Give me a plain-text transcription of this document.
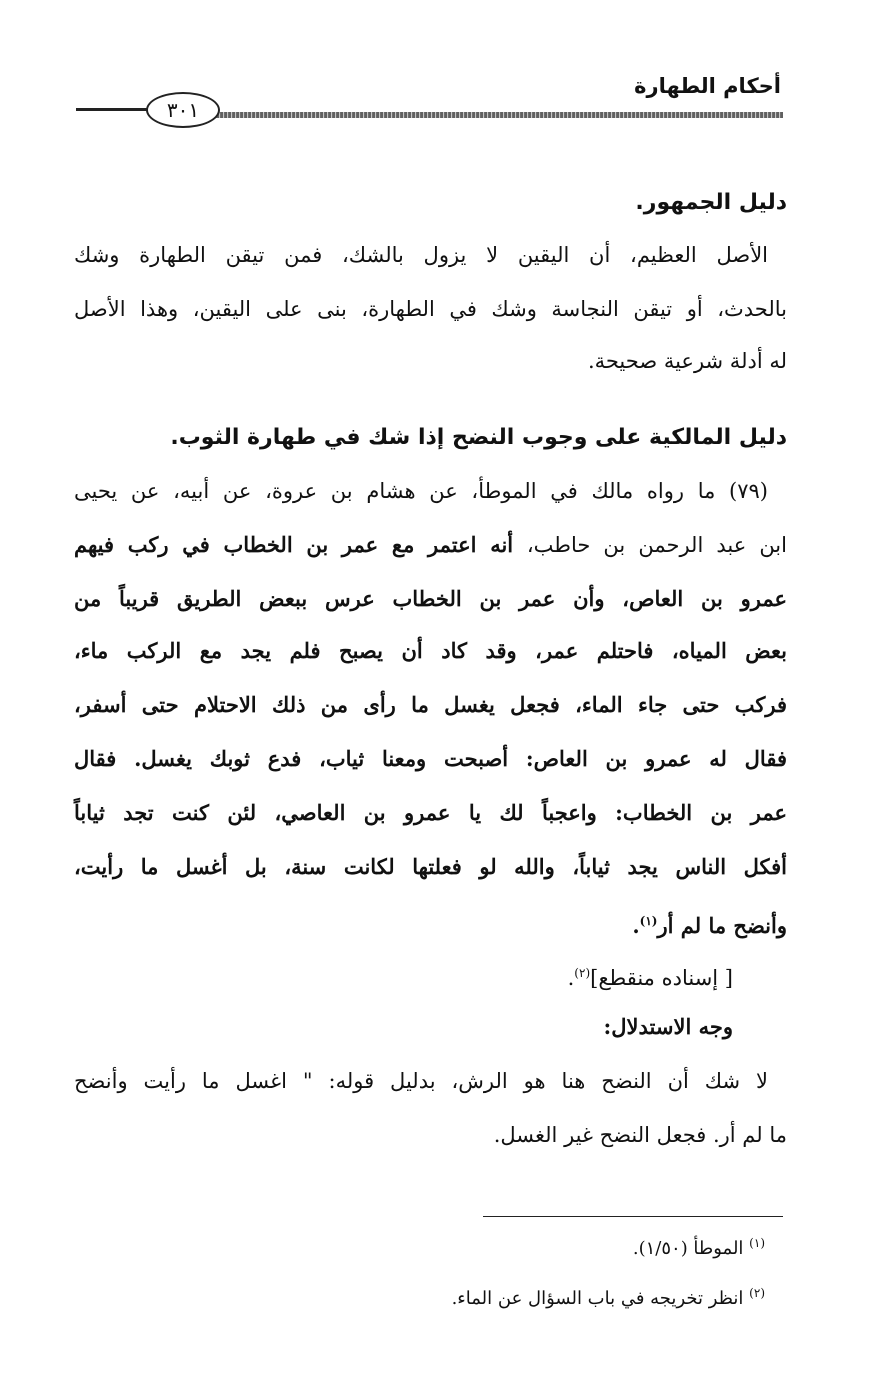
أحكام الطهارة
٣٠١
دليل الجمهور.
الأصل العظيم، أن اليقين لا يزول بالشك، فمن تيقن الطهارة وشك
بالحدث، أو تيقن النجاسة وشك في الطهارة، بنى على اليقين، وهذا الأصل
له أدلة شرعية صحيحة.
دليل المالكية على وجوب النضح إذا شك في طهارة الثوب.
(٧٩) ما رواه مالك في الموطأ، عن هشام بن عروة، عن أبيه، عن يحيى
ابن عبد الرحمن بن حاطب، أنه اعتمر مع عمر بن الخطاب في ركب فيهم
عمرو بن العاص، وأن عمر بن الخطاب عرس ببعض الطريق قريباً من
بعض المياه، فاحتلم عمر، وقد كاد أن يصبح فلم يجد مع الركب ماء،
فركب حتى جاء الماء، فجعل يغسل ما رأى من ذلك الاحتلام حتى أسفر،
فقال له عمرو بن العاص: أصبحت ومعنا ثياب، فدع ثوبك يغسل. فقال
عمر بن الخطاب: واعجباً لك يا عمرو بن العاصي، لئن كنت تجد ثياباً
أفكل الناس يجد ثياباً، والله لو فعلتها لكانت سنة، بل أغسل ما رأيت،
وأنضح ما لم أر$^{(١)}$.
[ إسناده منقطع]$^{(٢)}$.
وجه الاستدلال:
لا شك أن النضح هنا هو الرش، بدليل قوله: " اغسل ما رأيت وأنضح
ما لم أر. فجعل النضح غير الغسل.
$^{(١)}$ الموطأ (١/٥٠).
$^{(٢)}$ انظر تخريجه في باب السؤال عن الماء.
